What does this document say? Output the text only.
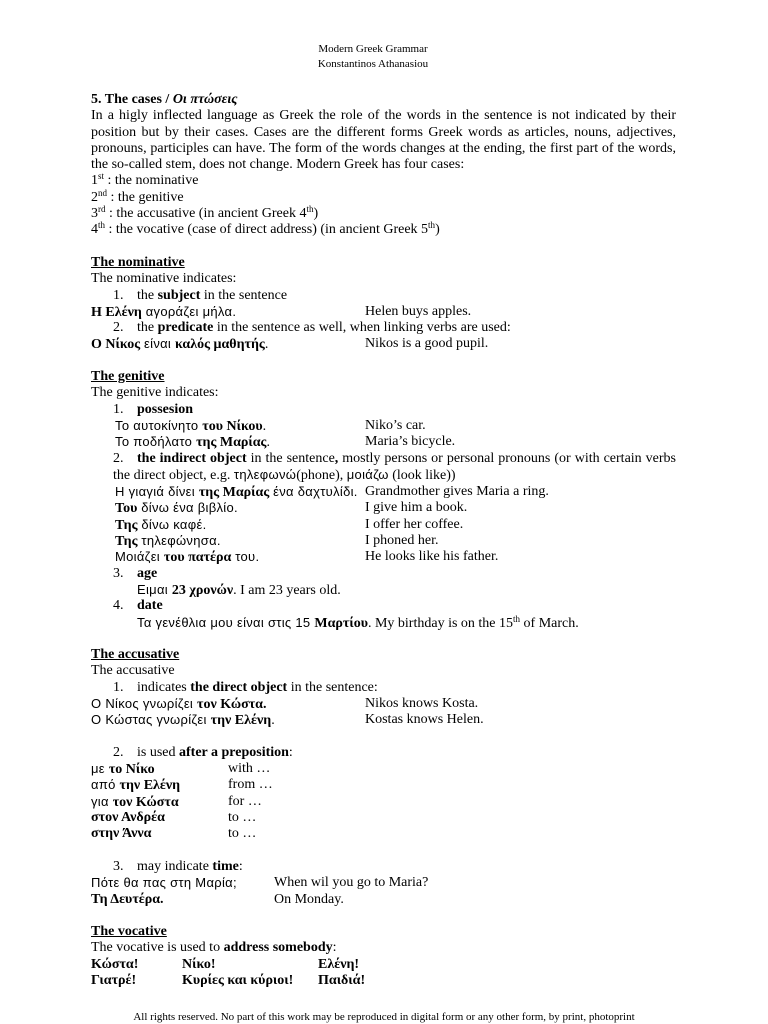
Modern Greek Grammar
Konstantinos Athanasiou
5. The cases / Οι πτώσεις

In a higly inflected language as Greek the role of the words in the sentence is not indicated by their position but by their cases. Cases are the different forms Greek words as articles, nouns, adjectives, pronouns, participles can have. The form of the words changes at the ending, the first part of the words, the so-called stem, does not change. Modern Greek has four cases:

1st : the nominative
2nd : the genitive
3rd : the accusative (in ancient Greek 4th)
4th : the vocative (case of direct address) (in ancient Greek 5th)
The nominative
The nominative indicates:
1. the subject in the sentence
Η Ελένη αγοράζει μήλα.	Helen buys apples.
2. the predicate in the sentence as well, when linking verbs are used:
Ο Νίκος είναι καλός μαθητής.	Nikos is a good pupil.
The genitive
The genitive indicates:
1. possesion
Το αυτοκίνητο του Νίκου.	Niko’s car.
Το ποδήλατο της Μαρίας.	Maria’s bicycle.
2. the indirect object in the sentence, mostly persons or personal pronouns (or with certain verbs the direct object, e.g. τηλεφωνώ(phone), μοιάζω (look like))
Η γιαγιά δίνει της Μαρίας ένα δαχτυλίδι. Grandmother gives Maria a ring.
Του δίνω ένα βιβλίο.	I give him a book.
Της δίνω καφέ.	I offer her coffee.
Της τηλεφώνησα.	I phoned her.
Μοιάζει του πατέρα του.	He looks like his father.
3. age
Ειμαι 23 χρονών. I am 23 years old.
4. date
Τα γενέθλια μου είναι στις 15 Μαρτίου. My birthday is on the 15th of March.
The accusative
The accusative
1. indicates the direct object in the sentence:
Ο Νίκος γνωρίζει τον Κώστα.	Nikos knows Kosta.
Ο Κώστας γνωρίζει την Ελένη.	Kostas knows Helen.
2. is used after a preposition:
με το Νίκο	with …
από την Ελένη	from …
για τον Κώστα	for …
στον Ανδρέα	to …
στην Άννα	to …
3. may indicate time:
Πότε θα πας στη Μαρία;	When wil you go to Maria?
Τη Δευτέρα.	On Monday.
The vocative
The vocative is used to address somebody:
Κώστα!	Νίκο!	Ελένη!
Γιατρέ!	Κυρίες και κύριοι!	Παιδιά!
All rights reserved. No part of this work may be reproduced in digital form or any other form, by print, photoprint
